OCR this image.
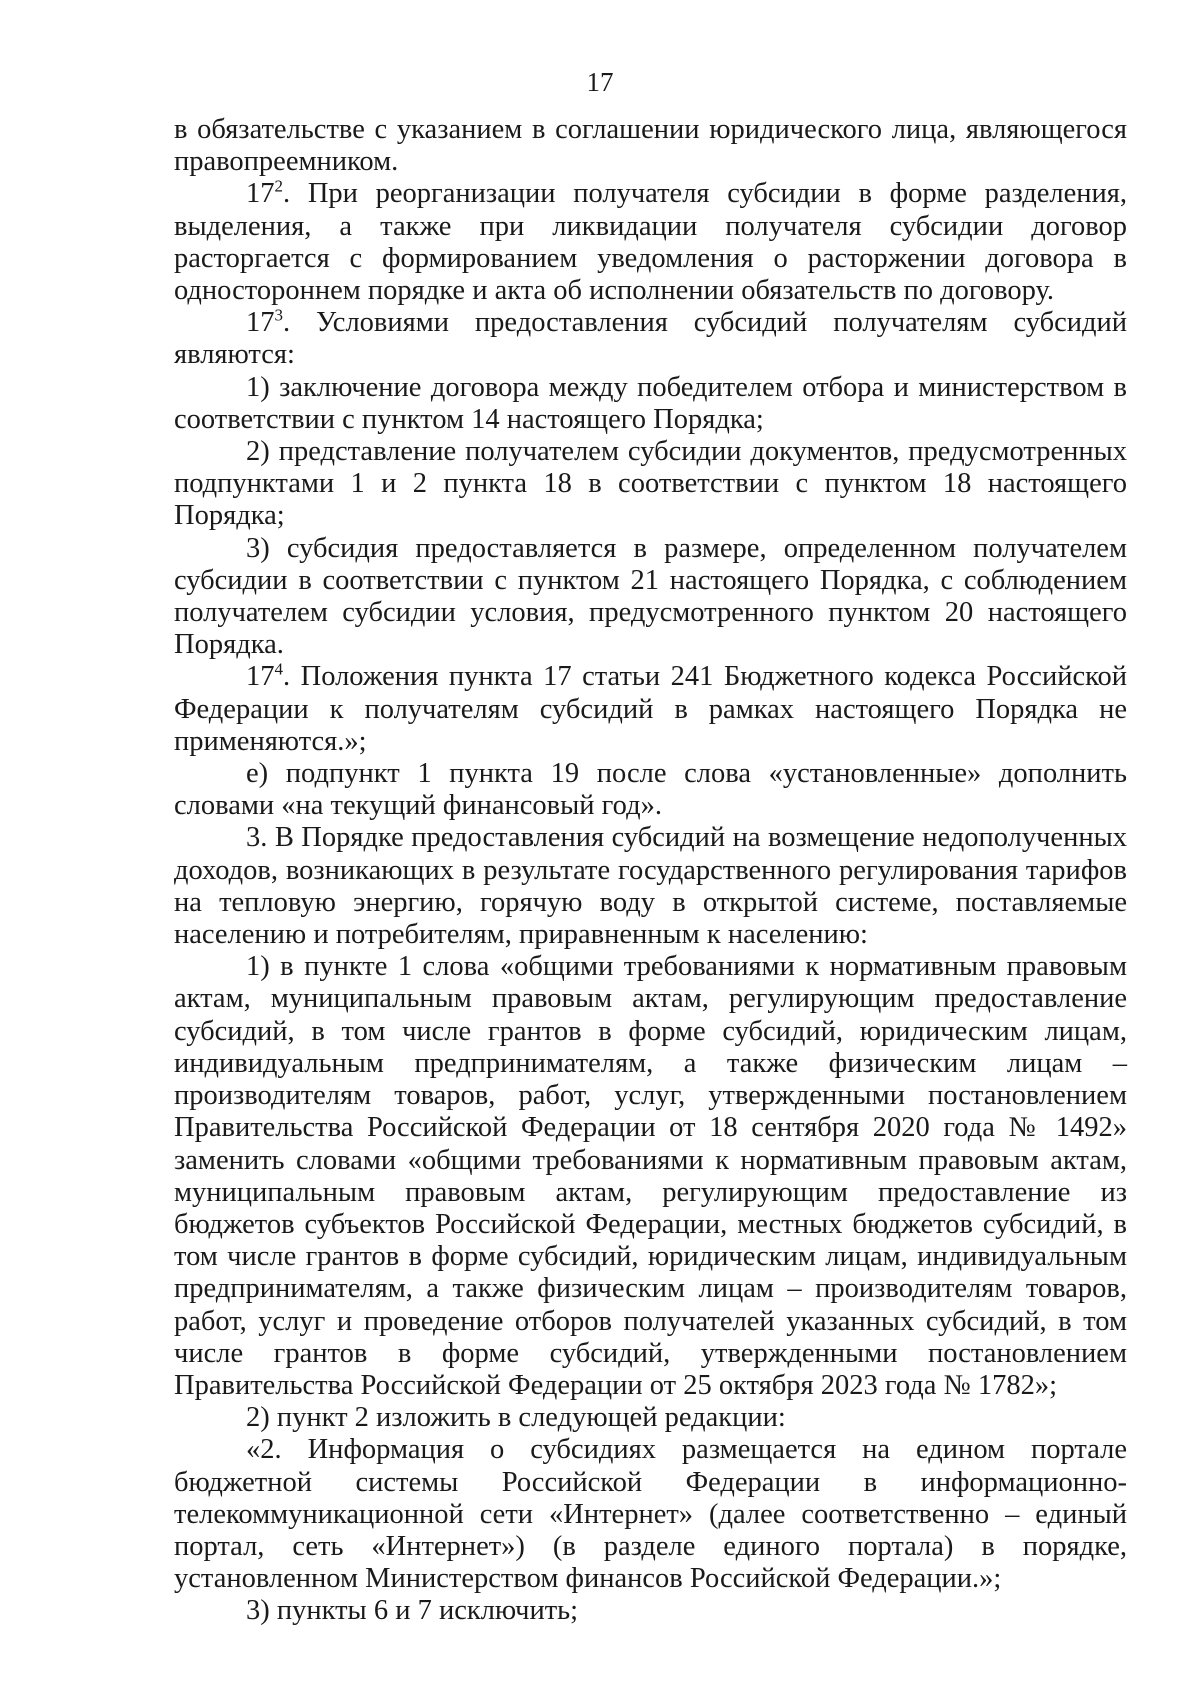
17

в обязательстве с указанием в соглашении юридического лица, являющегося правопреемником.

$17^2$. При реорганизации получателя субсидии в форме разделения, выделения, а также при ликвидации получателя субсидии договор расторгается с формированием уведомления о расторжении договора в одностороннем порядке и акта об исполнении обязательств по договору.

$17^3$. Условиями предоставления субсидий получателям субсидий являются:

1) заключение договора между победителем отбора и министерством в соответствии с пунктом 14 настоящего Порядка;

2) представление получателем субсидии документов, предусмотренных подпунктами 1 и 2 пункта 18 в соответствии с пунктом 18 настоящего Порядка;

3) субсидия предоставляется в размере, определенном получателем субсидии в соответствии с пунктом 21 настоящего Порядка, с соблюдением получателем субсидии условия, предусмотренного пунктом 20 настоящего Порядка.

$17^4$. Положения пункта 17 статьи 241 Бюджетного кодекса Российской Федерации к получателям субсидий в рамках настоящего Порядка не применяются.»;

е) подпункт 1 пункта 19 после слова «установленные» дополнить словами «на текущий финансовый год».

3. В Порядке предоставления субсидий на возмещение недополученных доходов, возникающих в результате государственного регулирования тарифов на тепловую энергию, горячую воду в открытой системе, поставляемые населению и потребителям, приравненным к населению:

1) в пункте 1 слова «общими требованиями к нормативным правовым актам, муниципальным правовым актам, регулирующим предоставление субсидий, в том числе грантов в форме субсидий, юридическим лицам, индивидуальным предпринимателям, а также физическим лицам – производителям товаров, работ, услуг, утвержденными постановлением Правительства Российской Федерации от 18 сентября 2020 года № 1492» заменить словами «общими требованиями к нормативным правовым актам, муниципальным правовым актам, регулирующим предоставление из бюджетов субъектов Российской Федерации, местных бюджетов субсидий, в том числе грантов в форме субсидий, юридическим лицам, индивидуальным предпринимателям, а также физическим лицам – производителям товаров, работ, услуг и проведение отборов получателей указанных субсидий, в том числе грантов в форме субсидий, утвержденными постановлением Правительства Российской Федерации от 25 октября 2023 года № 1782»;

2) пункт 2 изложить в следующей редакции:

«2. Информация о субсидиях размещается на едином портале бюджетной системы Российской Федерации в информационно-телекоммуникационной сети «Интернет» (далее соответственно – единый портал, сеть «Интернет») (в разделе единого портала) в порядке, установленном Министерством финансов Российской Федерации.»;

3) пункты 6 и 7 исключить;
